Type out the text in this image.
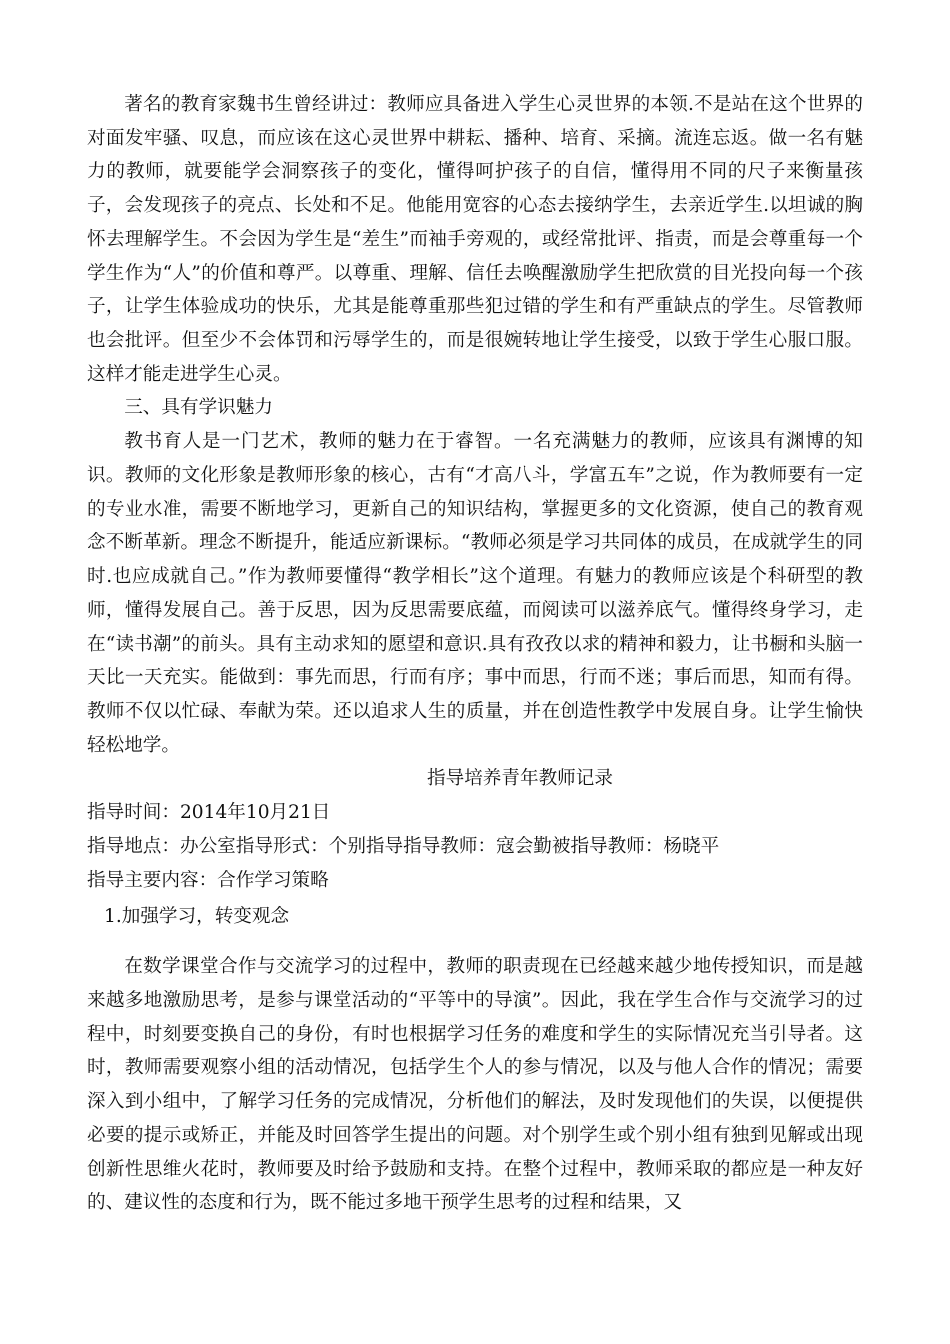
著名的教育家魏书生曾经讲过：教师应具备进入学生心灵世界的本领.不是站在这个世界的对面发牢骚、叹息，而应该在这心灵世界中耕耘、播种、培育、采摘。流连忘返。做一名有魅力的教师，就要能学会洞察孩子的变化，懂得呵护孩子的自信，懂得用不同的尺子来衡量孩子，会发现孩子的亮点、长处和不足。他能用宽容的心态去接纳学生，去亲近学生.以坦诚的胸怀去理解学生。不会因为学生是“差生”而袖手旁观的，或经常批评、指责，而是会尊重每一个学生作为“人”的价值和尊严。以尊重、理解、信任去唤醒激励学生把欣赏的目光投向每一个孩子，让学生体验成功的快乐，尤其是能尊重那些犯过错的学生和有严重缺点的学生。尽管教师也会批评。但至少不会体罚和污辱学生的，而是很婉转地让学生接受，以致于学生心服口服。这样才能走进学生心灵。

三、具有学识魅力

教书育人是一门艺术，教师的魅力在于睿智。一名充满魅力的教师，应该具有渊博的知识。教师的文化形象是教师形象的核心，古有“才高八斗，学富五车”之说，作为教师要有一定的专业水准，需要不断地学习，更新自己的知识结构，掌握更多的文化资源，使自己的教育观念不断革新。理念不断提升，能适应新课标。“教师必须是学习共同体的成员，在成就学生的同时.也应成就自己。”作为教师要懂得“教学相长”这个道理。有魅力的教师应该是个科研型的教师，懂得发展自己。善于反思，因为反思需要底蕴，而阅读可以滋养底气。懂得终身学习，走在“读书潮”的前头。具有主动求知的愿望和意识.具有孜孜以求的精神和毅力，让书橱和头脑一天比一天充实。能做到：事先而思，行而有序；事中而思，行而不迷；事后而思，知而有得。教师不仅以忙碌、奉献为荣。还以追求人生的质量，并在创造性教学中发展自身。让学生愉快轻松地学。

指导培养青年教师记录

指导时间：2014年10月21日

指导地点：办公室指导形式：个别指导指导教师：寇会勤被指导教师：杨晓平

指导主要内容：合作学习策略

1.加强学习，转变观念

在数学课堂合作与交流学习的过程中，教师的职责现在已经越来越少地传授知识，而是越来越多地激励思考，是参与课堂活动的“平等中的导演”。因此，我在学生合作与交流学习的过程中，时刻要变换自己的身份，有时也根据学习任务的难度和学生的实际情况充当引导者。这时，教师需要观察小组的活动情况，包括学生个人的参与情况，以及与他人合作的情况；需要深入到小组中，了解学习任务的完成情况，分析他们的解法，及时发现他们的失误，以便提供必要的提示或矫正，并能及时回答学生提出的问题。对个别学生或个别小组有独到见解或出现创新性思维火花时，教师要及时给予鼓励和支持。在整个过程中，教师采取的都应是一种友好的、建议性的态度和行为，既不能过多地干预学生思考的过程和结果，又
